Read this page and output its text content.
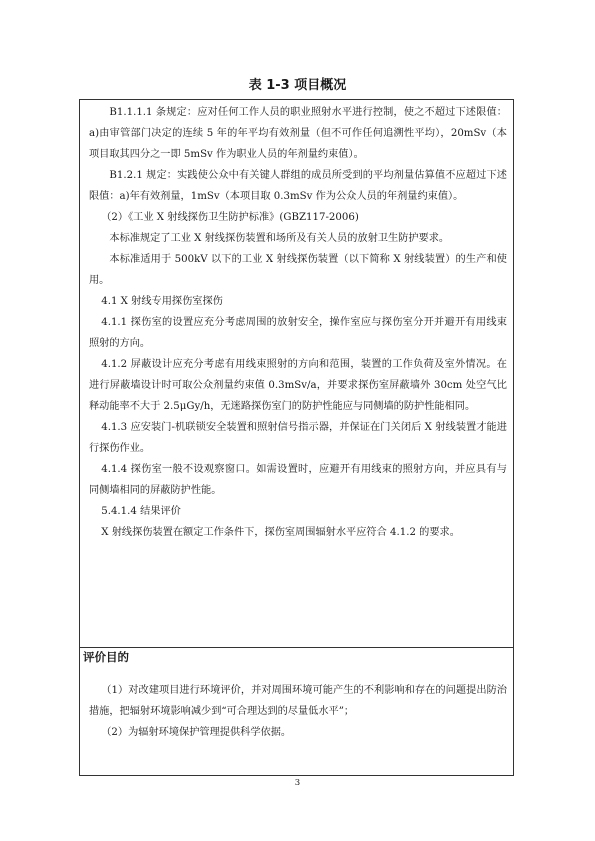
表 1-3 项目概况

B1.1.1.1 条规定：应对任何工作人员的职业照射水平进行控制，使之不超过下述限值：a)由审管部门决定的连续 5 年的年平均有效剂量（但不可作任何追溯性平均），20mSv（本项目取其四分之一即 5mSv 作为职业人员的年剂量约束值）。

B1.2.1 规定：实践使公众中有关键人群组的成员所受到的平均剂量估算值不应超过下述限值：a)年有效剂量，1mSv（本项目取 0.3mSv 作为公众人员的年剂量约束值）。

（2）《工业 X 射线探伤卫生防护标准》(GBZ117-2006)

本标准规定了工业 X 射线探伤装置和场所及有关人员的放射卫生防护要求。

本标准适用于 500kV 以下的工业 X 射线探伤装置（以下简称 X 射线装置）的生产和使用。

4.1 X 射线专用探伤室探伤

4.1.1 探伤室的设置应充分考虑周围的放射安全，操作室应与探伤室分开并避开有用线束照射的方向。

4.1.2 屏蔽设计应充分考虑有用线束照射的方向和范围，装置的工作负荷及室外情况。在进行屏蔽墙设计时可取公众剂量约束值 0.3mSv/a，并要求探伤室屏蔽墙外 30cm 处空气比释动能率不大于 2.5μGy/h，无迷路探伤室门的防护性能应与同侧墙的防护性能相同。

4.1.3 应安装门-机联锁安全装置和照射信号指示器，并保证在门关闭后 X 射线装置才能进行探伤作业。

4.1.4 探伤室一般不设观察窗口。如需设置时，应避开有用线束的照射方向，并应具有与同侧墙相同的屏蔽防护性能。

5.4.1.4 结果评价

X 射线探伤装置在额定工作条件下，探伤室周围辐射水平应符合 4.1.2 的要求。

评价目的

（1）对改建项目进行环境评价，并对周围环境可能产生的不利影响和存在的问题提出防治措施，把辐射环境影响减少到“可合理达到的尽量低水平”；

（2）为辐射环境保护管理提供科学依据。

3
